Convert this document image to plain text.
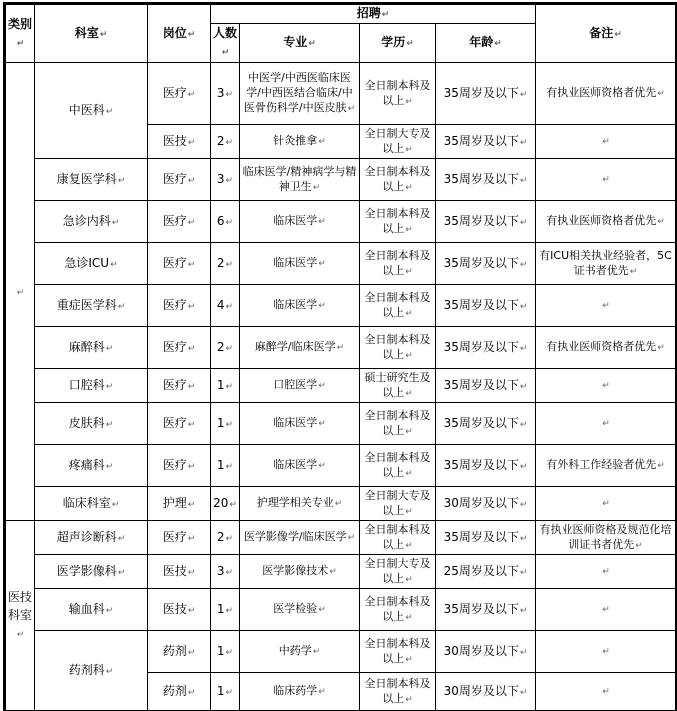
类别↵	科室↵	岗位↵	招聘↵				备注↵
			人数↵	专业↵	学历↵	年龄↵	
↵	中医科↵	医疗↵	3↵	中医学/中西医临床医学/中西医结合临床/中医骨伤科学/中医皮肤↵	全日制本科及以上↵	35周岁及以下↵	有执业医师资格者优先↵
		医技↵	2↵	针灸推拿↵	全日制大专及以上↵	35周岁及以下↵	↵
	康复医学科↵	医疗↵	3↵	临床医学/精神病学与精神卫生↵	全日制本科及以上↵	35周岁及以下↵	↵
	急诊内科↵	医疗↵	6↵	临床医学↵	全日制本科及以上↵	35周岁及以下↵	有执业医师资格者优先↵
	急诊ICU↵	医疗↵	2↵	临床医学↵	全日制本科及以上↵	35周岁及以下↵	有ICU相关执业经验者，5C证书者优先↵
	重症医学科↵	医疗↵	4↵	临床医学↵	全日制本科及以上↵	35周岁及以下↵	↵
	麻醉科↵	医疗↵	2↵	麻醉学/临床医学↵	全日制本科及以上↵	35周岁及以下↵	有执业医师资格者优先↵
	口腔科↵	医疗↵	1↵	口腔医学↵	硕士研究生及以上↵	35周岁及以下↵	↵
	皮肤科↵	医疗↵	1↵	临床医学↵	全日制本科及以上↵	35周岁及以下↵	↵
	疼痛科↵	医疗↵	1↵	临床医学↵	全日制本科及以上↵	35周岁及以下↵	有外科工作经验者优先↵
	临床科室↵	护理↵	20↵	护理学相关专业↵	全日制大专及以上↵	30周岁及以下↵	↵
医技科室↵	超声诊断科↵	医疗↵	2↵	医学影像学/临床医学↵	全日制本科及以上↵	35周岁及以下↵	有执业医师资格及规范化培训证书者优先↵
	医学影像科↵	医技↵	3↵	医学影像技术↵	全日制大专及以上↵	25周岁及以下↵	↵
	输血科↵	医技↵	1↵	医学检验↵	全日制本科及以上↵	35周岁及以下↵	↵
	药剂科↵	药剂↵	1↵	中药学↵	全日制本科及以上↵	30周岁及以下↵	↵
		药剂↵	1↵	临床药学↵	全日制本科及以上↵	30周岁及以下↵	↵
